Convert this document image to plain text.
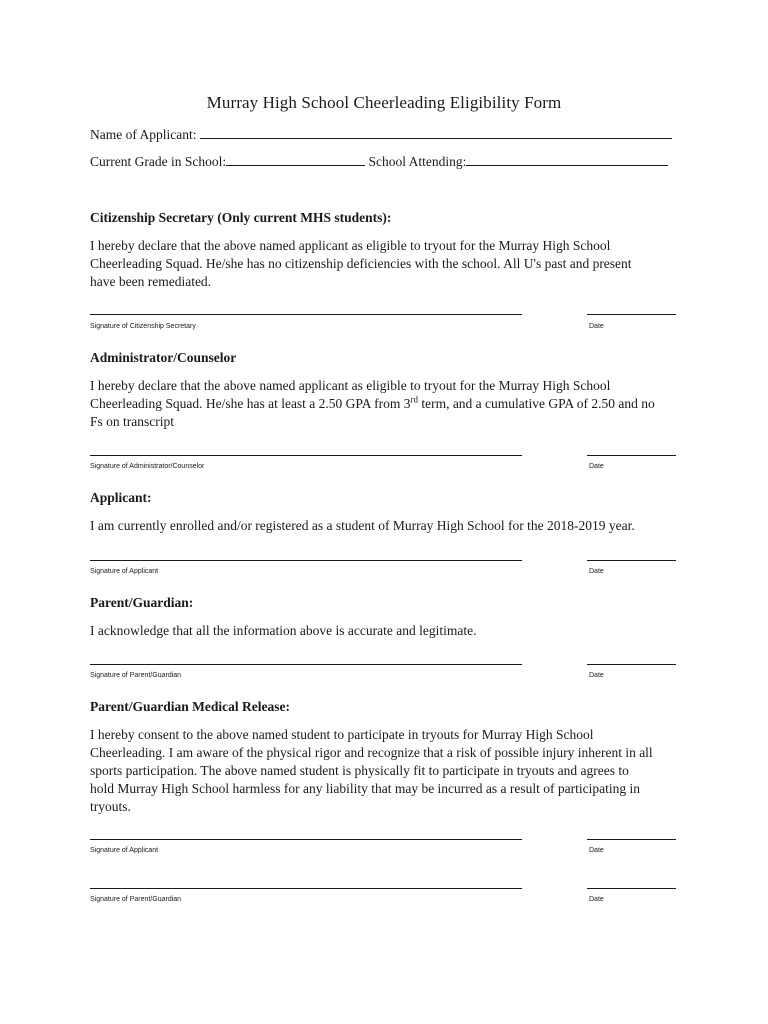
Murray High School Cheerleading Eligibility Form
Name of Applicant:
Current Grade in School:	School Attending:
Citizenship Secretary (Only current MHS students):
I hereby declare that the above named applicant as eligible to tryout for the Murray High School
Cheerleading Squad. He/she has no citizenship deficiencies with the school. All U's past and present
have been remediated.
Signature of Citizenship Secretary	Date
Administrator/Counselor
I hereby declare that the above named applicant as eligible to tryout for the Murray High School
Cheerleading Squad. He/she has at least a 2.50 GPA from 3rd term, and a cumulative GPA of 2.50 and no
Fs on transcript
Signature of Administrator/Counselor	Date
Applicant:
I am currently enrolled and/or registered as a student of Murray High School for the 2018-2019 year.
Signature of Applicant	Date
Parent/Guardian:
I acknowledge that all the information above is accurate and legitimate.
Signature of Parent/Guardian	Date
Parent/Guardian Medical Release:
I hereby consent to the above named student to participate in tryouts for Murray High School
Cheerleading. I am aware of the physical rigor and recognize that a risk of possible injury inherent in all
sports participation. The above named student is physically fit to participate in tryouts and agrees to
hold Murray High School harmless for any liability that may be incurred as a result of participating in
tryouts.
Signature of Applicant	Date
Signature of Parent/Guardian	Date
